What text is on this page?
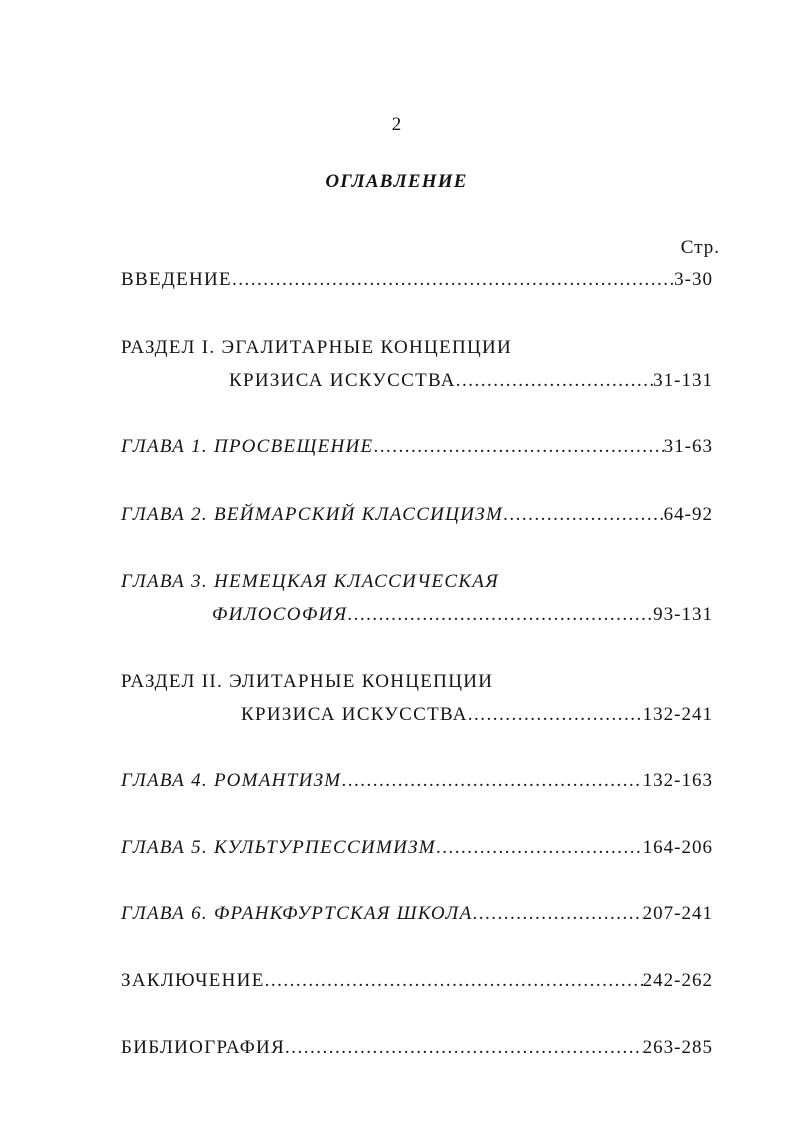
2
ОГЛАВЛЕНИЕ
Стр.
ВВЕДЕНИЕ .....	3-30
РАЗДЕЛ I. ЭГАЛИТАРНЫЕ КОНЦЕПЦИИ
КРИЗИСА ИСКУССТВА .....	31-131
ГЛАВА 1. ПРОСВЕЩЕНИЕ .....	31-63
ГЛАВА 2. ВЕЙМАРСКИЙ КЛАССИЦИЗМ .....	64-92
ГЛАВА 3. НЕМЕЦКАЯ КЛАССИЧЕСКАЯ
ФИЛОСОФИЯ .....	93-131
РАЗДЕЛ II. ЭЛИТАРНЫЕ КОНЦЕПЦИИ
КРИЗИСА ИСКУССТВА .....	132-241
ГЛАВА 4. РОМАНТИЗМ .....	132-163
ГЛАВА 5. КУЛЬТУРПЕССИМИЗМ .....	164-206
ГЛАВА 6. ФРАНКФУРТСКАЯ ШКОЛА .....	207-241
ЗАКЛЮЧЕНИЕ .....	242-262
БИБЛИОГРАФИЯ .....	263-285
